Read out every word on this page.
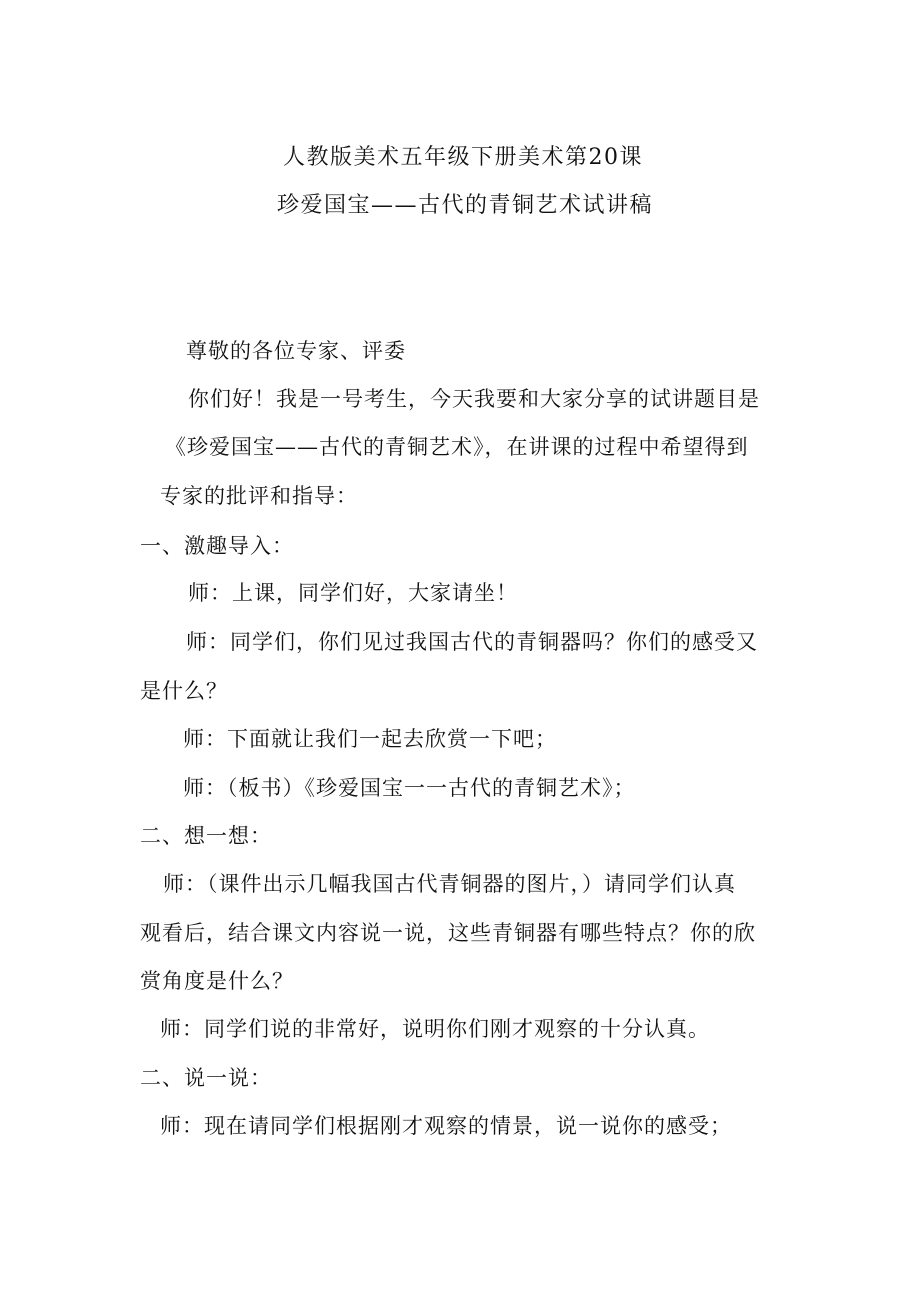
人教版美术五年级下册美术第20课
珍爱国宝——古代的青铜艺术试讲稿
尊敬的各位专家、评委
你们好！我是一号考生，今天我要和大家分享的试讲题目是
《珍爱国宝——古代的青铜艺术》，在讲课的过程中希望得到
专家的批评和指导：
一、激趣导入：
师：上课，同学们好，大家请坐！
师：同学们，你们见过我国古代的青铜器吗？你们的感受又
是什么？
师：下面就让我们一起去欣赏一下吧；
师：（板书）《珍爱国宝一一古代的青铜艺术》；
二、想一想：
师：（课件出示几幅我国古代青铜器的图片，）请同学们认真
观看后，结合课文内容说一说，这些青铜器有哪些特点？你的欣
赏角度是什么？
师：同学们说的非常好，说明你们刚才观察的十分认真。
二、说一说：
师：现在请同学们根据刚才观察的情景，说一说你的感受；
